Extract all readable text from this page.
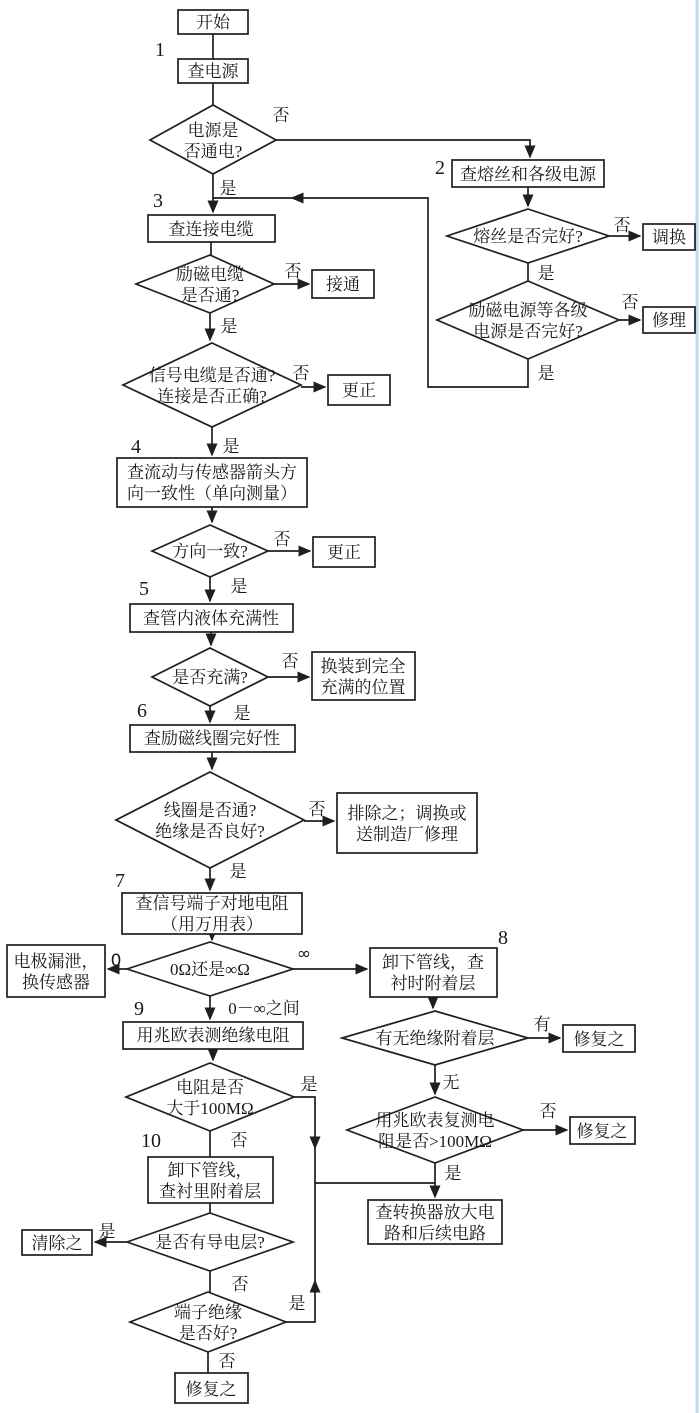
开始
查电源
电源是
否通电?
查熔丝和各级电源
熔丝是否完好?	调换
励磁电源等各级
电源是否完好?
修理
查连接电缆
励磁电缆
是否通?
接通
信号电缆是否通?
连接是否正确?	更正
查流动与传感器箭头方
向一致性（单向测量）
方向一致?	更正
查管内液体充满性
是否充满?
换装到完全
充满的位置
查励磁线圈完好性
线圈是否通?
绝缘是否良好?
排除之；调换或
送制造厂修理
查信号端子对地电阻
（用万用表）
0Ω还是∞Ω
电极漏泄，
换传感器
卸下管线，查
衬时附着层
有无绝缘附着层	修复之
用兆欧表复测电
阻是否>100MΩ
修复之
用兆欧表测绝缘电阻
电阻是否
大于100MΩ
卸下管线，
查衬里附着层
是否有导电层?
清除之
端子绝缘
是否好?
修复之
查转换器放大电
路和后续电路
1
2
3
4
5
6
7
8
9
10
否
是
否
是
否
是
否
是
否
是
否
是
否
是
否
是
0	∞
0－∞之间
是
否
是
否
是
否
有
无
否
是
